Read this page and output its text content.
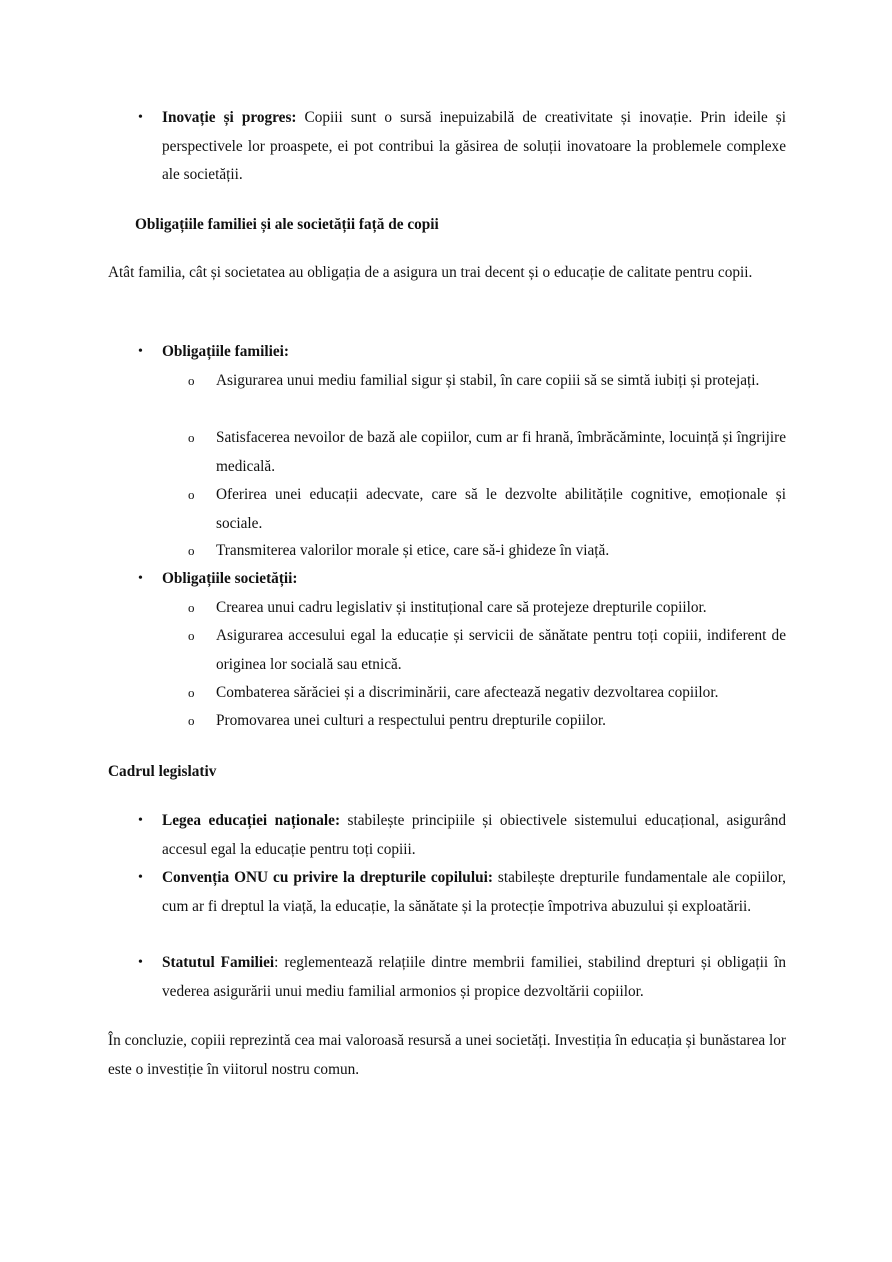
• Inovație și progres: Copiii sunt o sursă inepuizabilă de creativitate și inovație. Prin ideile și perspectivele lor proaspete, ei pot contribui la găsirea de soluții inovatoare la problemele complexe ale societății.

Obligațiile familiei și ale societății față de copii

Atât familia, cât și societatea au obligația de a asigura un trai decent și o educație de calitate pentru copii.

• Obligațiile familiei:

o Asigurarea unui mediu familial sigur și stabil, în care copiii să se simtă iubiți și protejați.

o Satisfacerea nevoilor de bază ale copiilor, cum ar fi hrană, îmbrăcăminte, locuință și îngrijire medicală.

o Oferirea unei educații adecvate, care să le dezvolte abilitățile cognitive, emoționale și sociale.

o Transmiterea valorilor morale și etice, care să-i ghideze în viață.

• Obligațiile societății:

o Crearea unui cadru legislativ și instituțional care să protejeze drepturile copiilor.

o Asigurarea accesului egal la educație și servicii de sănătate pentru toți copiii, indiferent de originea lor socială sau etnică.

o Combaterea sărăciei și a discriminării, care afectează negativ dezvoltarea copiilor.

o Promovarea unei culturi a respectului pentru drepturile copiilor.

Cadrul legislativ

• Legea educației naționale: stabilește principiile și obiectivele sistemului educațional, asigurând accesul egal la educație pentru toți copiii.

• Convenția ONU cu privire la drepturile copilului: stabilește drepturile fundamentale ale copiilor, cum ar fi dreptul la viață, la educație, la sănătate și la protecție împotriva abuzului și exploatării.

• Statutul Familiei: reglementează relațiile dintre membrii familiei, stabilind drepturi și obligații în vederea asigurării unui mediu familial armonios și propice dezvoltării copiilor.

În concluzie, copiii reprezintă cea mai valoroasă resursă a unei societăți. Investiția în educația și bunăstarea lor este o investiție în viitorul nostru comun.
